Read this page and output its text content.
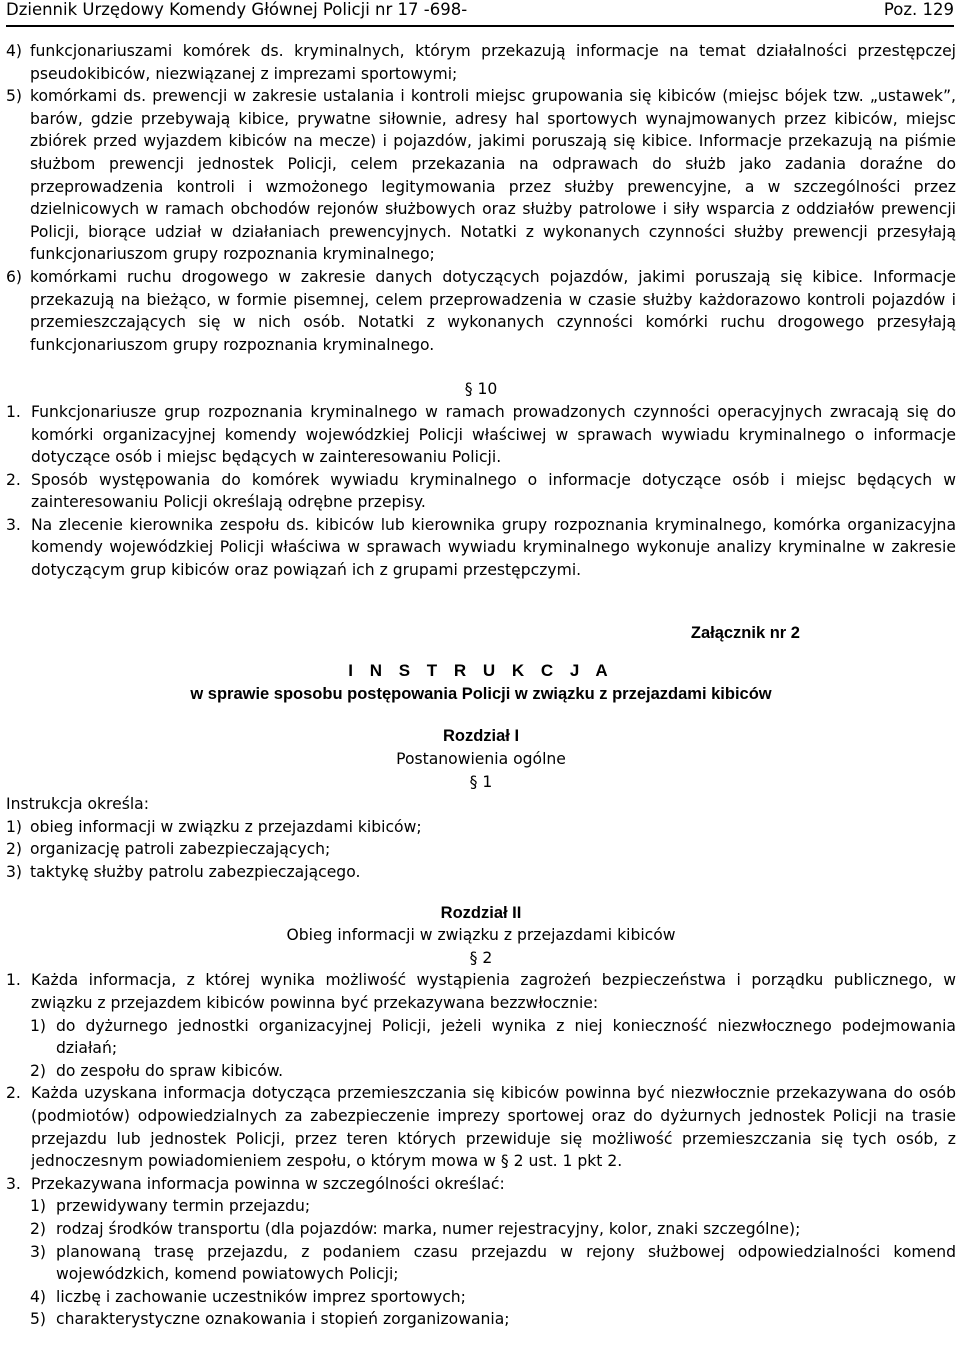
Dziennik Urzędowy Komendy Głównej Policji nr 17 -698-	Poz. 129
4) funkcjonariuszami komórek ds. kryminalnych, którym przekazują informacje na temat działalności przestępczej pseudokibiców, niezwiązanej z imprezami sportowymi;
5) komórkami ds. prewencji w zakresie ustalania i kontroli miejsc grupowania się kibiców (miejsc bójek tzw. „ustawek”, barów, gdzie przebywają kibice, prywatne siłownie, adresy hal sportowych wynajmowanych przez kibiców, miejsc zbiórek przed wyjazdem kibiców na mecze) i pojazdów, jakimi poruszają się kibice. Informacje przekazują na piśmie służbom prewencji jednostek Policji, celem przekazania na odprawach do służb jako zadania doraźne do przeprowadzenia kontroli i wzmożonego legitymowania przez służby prewencyjne, a w szczególności przez dzielnicowych w ramach obchodów rejonów służbowych oraz służby patrolowe i siły wsparcia z oddziałów prewencji Policji, biorące udział w działaniach prewencyjnych. Notatki z wykonanych czynności służby prewencji przesyłają funkcjonariuszom grupy rozpoznania kryminalnego;
6) komórkami ruchu drogowego w zakresie danych dotyczących pojazdów, jakimi poruszają się kibice. Informacje przekazują na bieżąco, w formie pisemnej, celem przeprowadzenia w czasie służby każdorazowo kontroli pojazdów i przemieszczających się w nich osób. Notatki z wykonanych czynności komórki ruchu drogowego przesyłają funkcjonariuszom grupy rozpoznania kryminalnego.
§ 10
1. Funkcjonariusze grup rozpoznania kryminalnego w ramach prowadzonych czynności operacyjnych zwracają się do komórki organizacyjnej komendy wojewódzkiej Policji właściwej w sprawach wywiadu kryminalnego o informacje dotyczące osób i miejsc będących w zainteresowaniu Policji.
2. Sposób występowania do komórek wywiadu kryminalnego o informacje dotyczące osób i miejsc będących w zainteresowaniu Policji określają odrębne przepisy.
3. Na zlecenie kierownika zespołu ds. kibiców lub kierownika grupy rozpoznania kryminalnego, komórka organizacyjna komendy wojewódzkiej Policji właściwa w sprawach wywiadu kryminalnego wykonuje analizy kryminalne w zakresie dotyczącym grup kibiców oraz powiązań ich z grupami przestępczymi.
Załącznik nr 2
I N S T R U K C J A
w sprawie sposobu postępowania Policji w związku z przejazdami kibiców
Rozdział I
Postanowienia ogólne
§ 1
Instrukcja określa:
1) obieg informacji w związku z przejazdami kibiców;
2) organizację patroli zabezpieczających;
3) taktykę służby patrolu zabezpieczającego.
Rozdział II
Obieg informacji w związku z przejazdami kibiców
§ 2
1. Każda informacja, z której wynika możliwość wystąpienia zagrożeń bezpieczeństwa i porządku publicznego, w związku z przejazdem kibiców powinna być przekazywana bezzwłocznie:
1) do dyżurnego jednostki organizacyjnej Policji, jeżeli wynika z niej konieczność niezwłocznego podejmowania działań;
2) do zespołu do spraw kibiców.
2. Każda uzyskana informacja dotycząca przemieszczania się kibiców powinna być niezwłocznie przekazywana do osób (podmiotów) odpowiedzialnych za zabezpieczenie imprezy sportowej oraz do dyżurnych jednostek Policji na trasie przejazdu lub jednostek Policji, przez teren których przewiduje się możliwość przemieszczania się tych osób, z jednoczesnym powiadomieniem zespołu, o którym mowa w § 2 ust. 1 pkt 2.
3. Przekazywana informacja powinna w szczególności określać:
1) przewidywany termin przejazdu;
2) rodzaj środków transportu (dla pojazdów: marka, numer rejestracyjny, kolor, znaki szczególne);
3) planowaną trasę przejazdu, z podaniem czasu przejazdu w rejony służbowej odpowiedzialności komend wojewódzkich, komend powiatowych Policji;
4) liczbę i zachowanie uczestników imprez sportowych;
5) charakterystyczne oznakowania i stopień zorganizowania;
